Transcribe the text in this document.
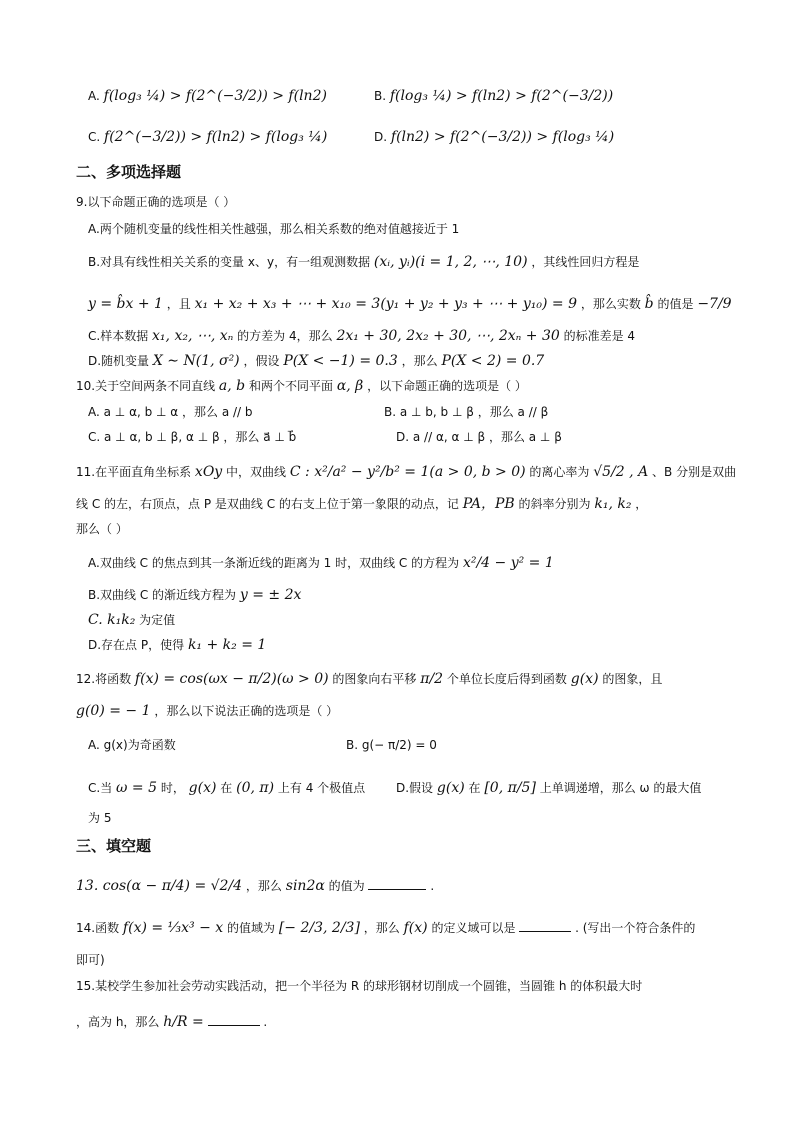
A. f(log₃ ¼) > f(2^(−3/2)) > f(ln2)	B. f(log₃ ¼) > f(ln2) > f(2^(−3/2))
C. f(2^(−3/2)) > f(ln2) > f(log₃ ¼)	D. f(ln2) > f(2^(−3/2)) > f(log₃ ¼)
二、多项选择题
9.以下命题正确的选项是（ ）
A.两个随机变量的线性相关性越强，那么相关系数的绝对值越接近于 1
B.对具有线性相关关系的变量 x、y，有一组观测数据 (xᵢ, yᵢ)(i = 1, 2, ⋯, 10) ，其线性回归方程是
y = b̂x + 1 ，且 x₁ + x₂ + x₃ + ⋯ + x₁₀ = 3(y₁ + y₂ + y₃ + ⋯ + y₁₀) = 9 ，那么实数 b̂ 的值是 −7/9
C.样本数据 x₁, x₂, ⋯, xₙ 的方差为 4，那么 2x₁ + 30, 2x₂ + 30, ⋯, 2xₙ + 30 的标准差是 4
D.随机变量 X ∼ N(1, σ²) ，假设 P(X < −1) = 0.3 ，那么 P(X < 2) = 0.7
10.关于空间两条不同直线 a, b 和两个不同平面 α, β ，以下命题正确的选项是（ ）
A. a ⊥ α, b ⊥ α ，那么 a // b	B. a ⊥ b, b ⊥ β ，那么 a // β
C. a ⊥ α, b ⊥ β, α ⊥ β ，那么 a⃗ ⊥ b⃗	D. a // α, α ⊥ β ，那么 a ⊥ β
11.在平面直角坐标系 xOy 中，双曲线 C : x²/a² − y²/b² = 1(a > 0, b > 0) 的离心率为 √5/2 , A 、B 分别是双曲
线 C 的左，右顶点，点 P 是双曲线 C 的右支上位于第一象限的动点，记 PA，PB 的斜率分别为 k₁, k₂ ，
那么（ ）
A.双曲线 C 的焦点到其一条渐近线的距离为 1 时，双曲线 C 的方程为 x²/4 − y² = 1
B.双曲线 C 的渐近线方程为 y = ± 2x
C. k₁k₂ 为定值
D.存在点 P，使得 k₁ + k₂ = 1
12.将函数 f(x) = cos(ωx − π/2)(ω > 0) 的图象向右平移 π/2 个单位长度后得到函数 g(x) 的图象，且
g(0) = − 1 ，那么以下说法正确的选项是（ ）
A. g(x)为奇函数	B. g(− π/2) = 0
C.当 ω = 5 时， g(x) 在 (0, π) 上有 4 个极值点	D.假设 g(x) 在 [0, π/5] 上单调递增，那么 ω 的最大值
为 5
三、填空题
13. cos(α − π/4) = √2/4 ，那么 sin2α 的值为	.
14.函数 f(x) = ⅓x³ − x 的值域为 [− 2/3, 2/3] ，那么 f(x) 的定义域可以是	. (写出一个符合条件的
即可)
15.某校学生参加社会劳动实践活动，把一个半径为 R 的球形钢材切削成一个圆锥，当圆锥 h 的体积最大时
，高为 h，那么 h/R =	.
